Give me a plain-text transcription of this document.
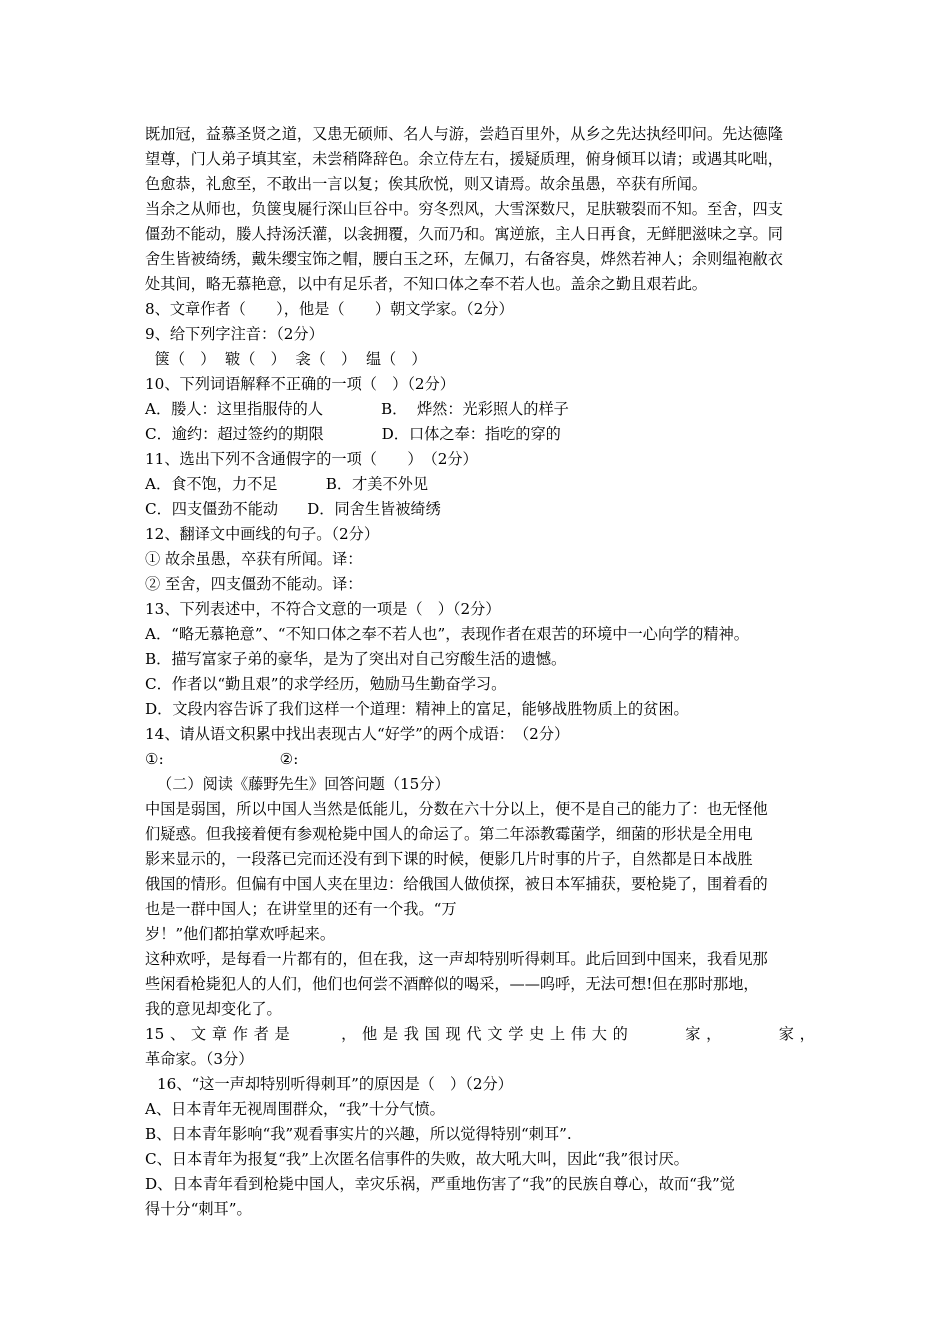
既加冠，益慕圣贤之道，又患无硕师、名人与游，尝趋百里外，从乡之先达执经叩问。先达德隆
望尊，门人弟子填其室，未尝稍降辞色。余立侍左右，援疑质理，俯身倾耳以请；或遇其叱咄，
色愈恭，礼愈至，不敢出一言以复；俟其欣悦，则又请焉。故余虽愚，卒获有所闻。
当余之从师也，负箧曳屣行深山巨谷中。穷冬烈风，大雪深数尺，足肤皲裂而不知。至舍，四支
僵劲不能动，媵人持汤沃灌，以衾拥覆，久而乃和。寓逆旅，主人日再食，无鲜肥滋味之享。同
舍生皆被绮绣，戴朱缨宝饰之帽，腰白玉之环，左佩刀，右备容臭，烨然若神人；余则缊袍敝衣
处其间，略无慕艳意，以中有足乐者，不知口体之奉不若人也。盖余之勤且艰若此。
8、文章作者（　　），他是（　　）朝文学家。（2分）
9、给下列字注音：（2分）
箧（　）  皲（　）  衾（　）  缊（　）
10、下列词语解释不正确的一项（　）（2分）
A．媵人：这里指服侍的人            B．  烨然：光彩照人的样子
C．逾约：超过签约的期限            D．口体之奉：指吃的穿的
11、选出下列不含通假字的一项（　　）　（2分）
A．食不饱，力不足          B．才美不外见
C．四支僵劲不能动      D．同舍生皆被绮绣
12、翻译文中画线的句子。（2分）
① 故余虽愚，卒获有所闻。译：
② 至舍，四支僵劲不能动。译：
13、下列表述中，不符合文意的一项是（　）（2分）
A．“略无慕艳意”、“不知口体之奉不若人也”，表现作者在艰苦的环境中一心向学的精神。
B．描写富家子弟的豪华，是为了突出对自己穷酸生活的遗憾。
C．作者以“勤且艰”的求学经历，勉励马生勤奋学习。
D．文段内容告诉了我们这样一个道理：精神上的富足，能够战胜物质上的贫困。
14、请从语文积累中找出表现古人“好学”的两个成语：　（2分）
①:                        ②:
（二）阅读《藤野先生》回答问题（15分）
中国是弱国，所以中国人当然是低能儿，分数在六十分以上，便不是自己的能力了：也无怪他
们疑惑。但我接着便有参观枪毙中国人的命运了。第二年添教霉菌学，细菌的形状是全用电
影来显示的，一段落已完而还没有到下课的时候，便影几片时事的片子，自然都是日本战胜
俄国的情形。但偏有中国人夹在里边：给俄国人做侦探，被日本军捕获，要枪毙了，围着看的
也是一群中国人；在讲堂里的还有一个我。“万
岁！”他们都拍掌欢呼起来。
这种欢呼，是每看一片都有的，但在我，这一声却特别听得刺耳。此后回到中国来，我看见那
些闲看枪毙犯人的人们，他们也何尝不酒醉似的喝采，——呜呼，无法可想!但在那时那地，
我的意见却变化了。
15 、 文 章 作 者 是	， 他 是 我 国 现 代 文 学 史 上 伟 大 的	家 ，	家 ，
革命家。（3分）
16、“这一声却特别听得刺耳”的原因是（　）（2分）
A、日本青年无视周围群众，“我”十分气愤。
B、日本青年影响“我”观看事实片的兴趣，所以觉得特别“刺耳”.
C、日本青年为报复“我”上次匿名信事件的失败，故大吼大叫，因此“我”很讨厌。
D、日本青年看到枪毙中国人，幸灾乐祸，严重地伤害了“我”的民族自尊心，故而“我”觉
得十分“刺耳”。
